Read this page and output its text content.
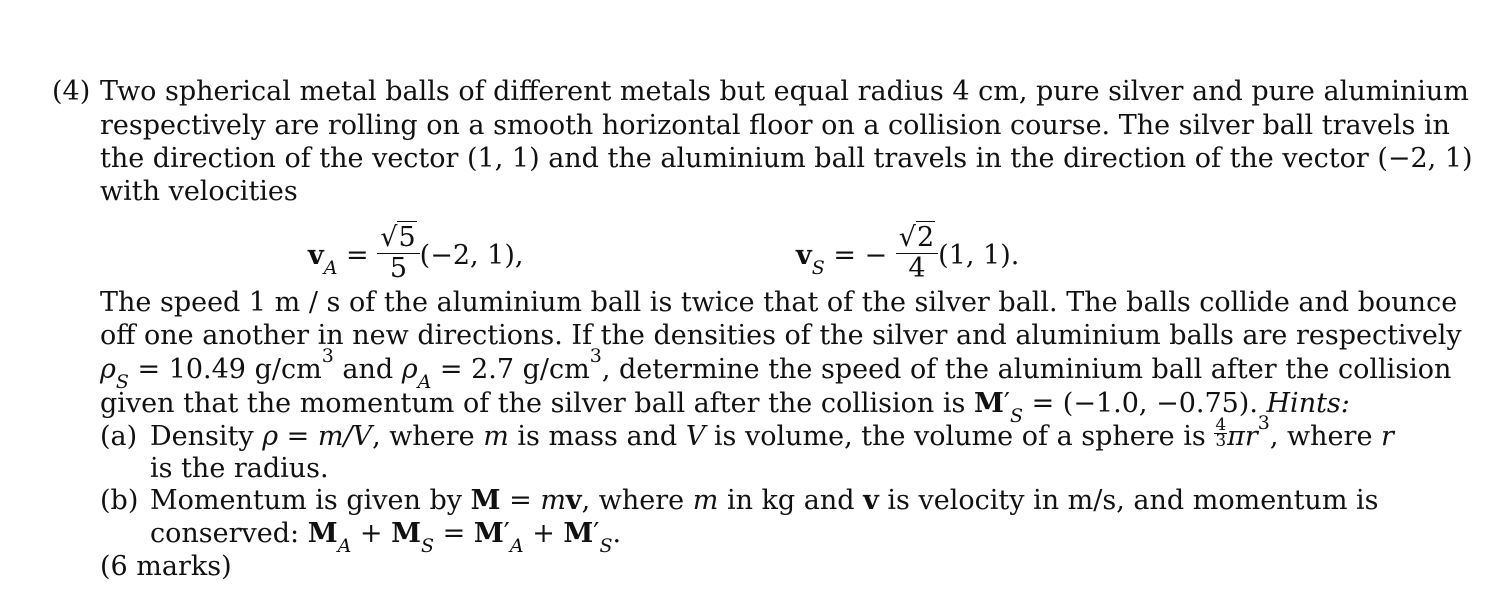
(4) Two spherical metal balls of different metals but equal radius 4 cm, pure silver and pure aluminium
respectively are rolling on a smooth horizontal floor on a collision course. The silver ball travels in
the direction of the vector (1, 1) and the aluminium ball travels in the direction of the vector (−2, 1)
with velocities
$v_A = \frac{√5}{5} (-2$, 1),	$v_S$ = − $\frac{√2}{4} (1$, 1).
The speed 1 m / s of the aluminium ball is twice that of the silver ball. The balls collide and bounce
off one another in new directions. If the densities of the silver and aluminium balls are respectively
$\rho_S = 10.49$ $g/cm^3$ and $\rho_A = 2.7$ $g/cm^3$, determine the speed of the aluminium ball after the collision
given that the momentum of the silver ball after the collision is $M'_S = (-1.0$, −0.75). Hints:
(a) Density ρ = m/V, where m is mass and V is volume, the volume of a sphere is $\frac{4}{3} \pi r^3$, where r
is the radius.
(b) Momentum is given by M = mv, where m in kg and v is velocity in m/s, and momentum is
conserved: $M_A + M_S = M'_A + M'_S$.
(6 marks)
